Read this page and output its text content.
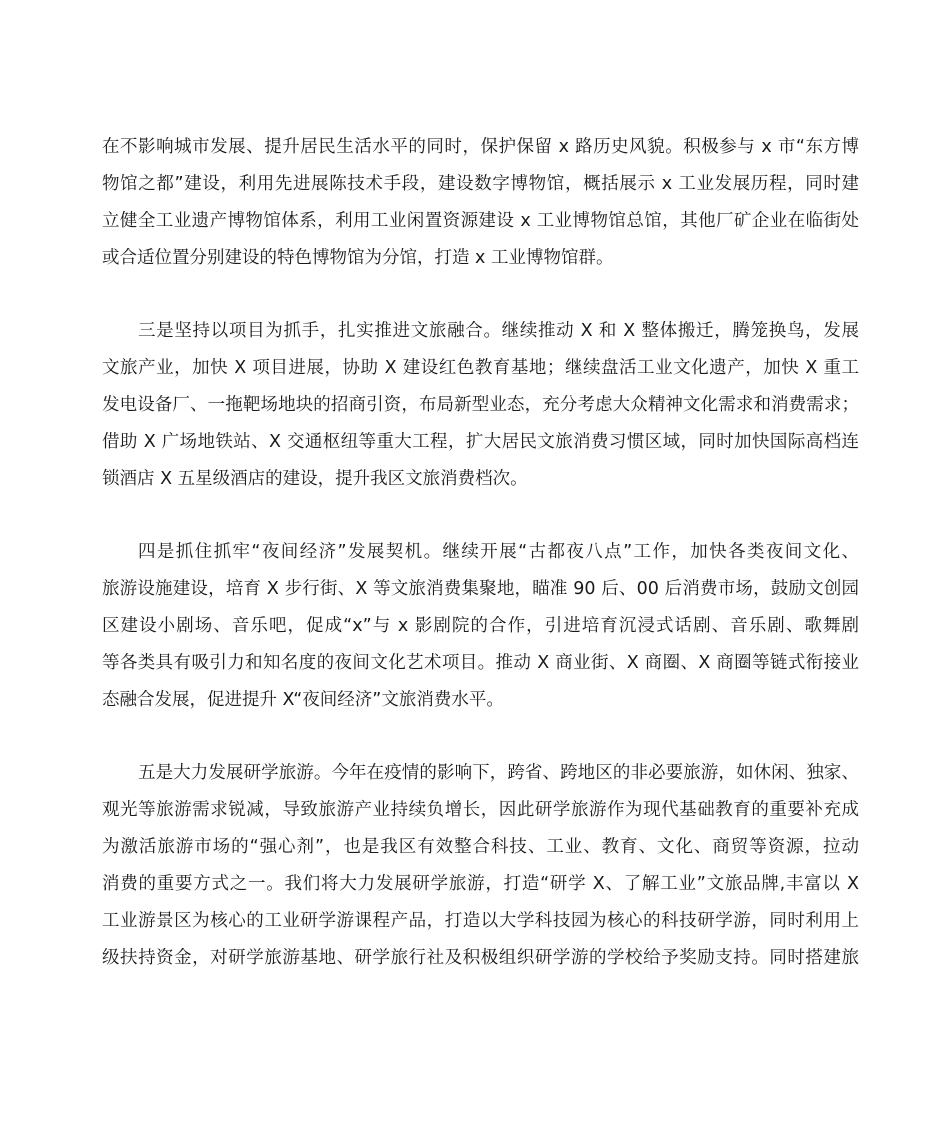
在不影响城市发展、提升居民生活水平的同时，保护保留 x 路历史风貌。积极参与 x 市“东方博
物馆之都”建设，利用先进展陈技术手段，建设数字博物馆，概括展示 x 工业发展历程，同时建
立健全工业遗产博物馆体系，利用工业闲置资源建设 x 工业博物馆总馆，其他厂矿企业在临街处
或合适位置分别建设的特色博物馆为分馆，打造 x 工业博物馆群。
三是坚持以项目为抓手，扎实推进文旅融合。继续推动 X 和 X 整体搬迁，腾笼换鸟，发展
文旅产业，加快 X 项目进展，协助 X 建设红色教育基地；继续盘活工业文化遗产，加快 X 重工
发电设备厂、一拖靶场地块的招商引资，布局新型业态，充分考虑大众精神文化需求和消费需求；
借助 X 广场地铁站、X 交通枢纽等重大工程，扩大居民文旅消费习惯区域，同时加快国际高档连
锁酒店 X 五星级酒店的建设，提升我区文旅消费档次。
四是抓住抓牢“夜间经济”发展契机。继续开展“古都夜八点”工作，加快各类夜间文化、
旅游设施建设，培育 X 步行街、X 等文旅消费集聚地，瞄准 90 后、00 后消费市场，鼓励文创园
区建设小剧场、音乐吧，促成“x”与 x 影剧院的合作，引进培育沉浸式话剧、音乐剧、歌舞剧
等各类具有吸引力和知名度的夜间文化艺术项目。推动 X 商业街、X 商圈、X 商圈等链式衔接业
态融合发展，促进提升 X“夜间经济”文旅消费水平。
五是大力发展研学旅游。今年在疫情的影响下，跨省、跨地区的非必要旅游，如休闲、独家、
观光等旅游需求锐减，导致旅游产业持续负增长，因此研学旅游作为现代基础教育的重要补充成
为激活旅游市场的“强心剂”，也是我区有效整合科技、工业、教育、文化、商贸等资源，拉动
消费的重要方式之一。我们将大力发展研学旅游，打造“研学 X、了解工业”文旅品牌,丰富以 X
工业游景区为核心的工业研学游课程产品，打造以大学科技园为核心的科技研学游，同时利用上
级扶持资金，对研学旅游基地、研学旅行社及积极组织研学游的学校给予奖励支持。同时搭建旅
